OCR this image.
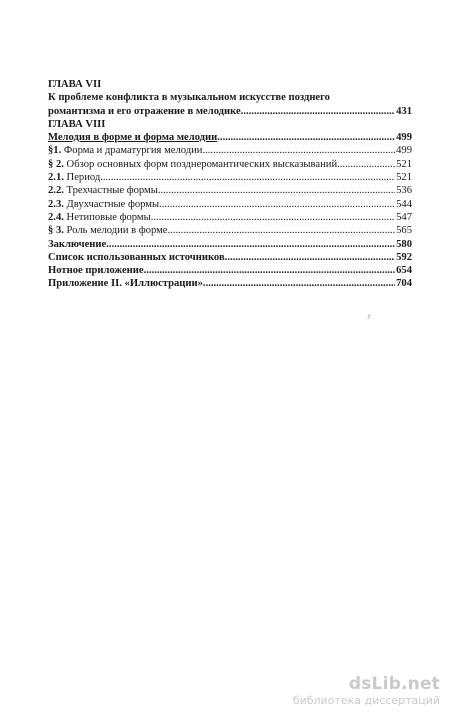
ГЛАВА VII
К проблеме конфликта в музыкальном искусстве позднего
романтизма и его отражение в мелодике .....	431
ГЛАВА VIII
Мелодия в форме и форма мелодии .....	499
§1. Форма и драматургия мелодии .....	499
§ 2. Обзор основных форм позднеромантических высказываний .....	521
2.1. Период .....	521
2.2. Трехчастные формы .....	536
2.3. Двухчастные формы .....	544
2.4. Нетиповые формы .....	547
§ 3. Роль мелодии в форме .....	565
Заключение .....	580
Список использованных источников .....	592
Нотное приложение .....	654
Приложение II. «Иллюстрации» .....	704
dsLib.net
библиотека диссертаций
